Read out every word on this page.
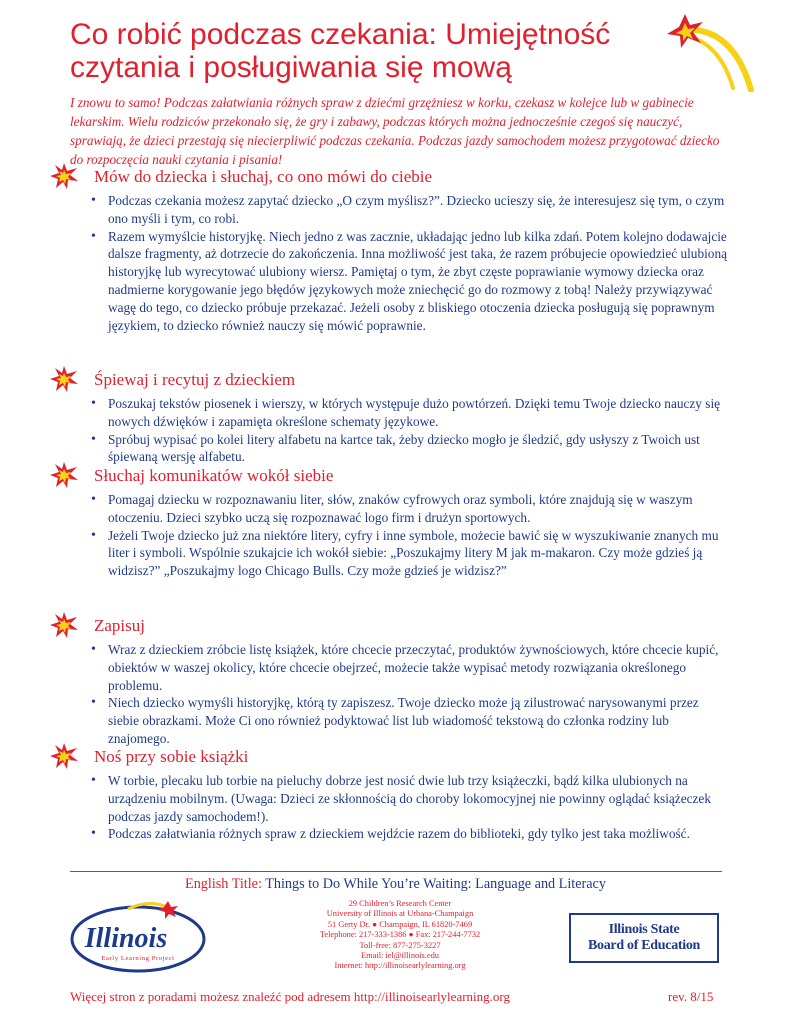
Co robić podczas czekania: Umiejętność
czytania i posługiwania się mową

I znowu to samo! Podczas załatwiania różnych spraw z dziećmi grzężniesz w korku, czekasz w kolejce lub w gabinecie lekarskim. Wielu rodziców przekonało się, że gry i zabawy, podczas których można jednocześnie czegoś się nauczyć, sprawiają, że dzieci przestają się niecierpliwić podczas czekania. Podczas jazdy samochodem możesz przygotować dziecko do rozpoczęcia nauki czytania i pisania!

Mów do dziecka i słuchaj, co ono mówi do ciebie
• Podczas czekania możesz zapytać dziecko „O czym myślisz?”. Dziecko ucieszy się, że interesujesz się tym, o czym ono myśli i tym, co robi.
• Razem wymyślcie historyjkę. Niech jedno z was zacznie, układając jedno lub kilka zdań. Potem kolejno dodawajcie dalsze fragmenty, aż dotrzecie do zakończenia. Inna możliwość jest taka, że razem próbujecie opowiedzieć ulubioną historyjkę lub wyrecytować ulubiony wiersz. Pamiętaj o tym, że zbyt częste poprawianie wymowy dziecka oraz nadmierne korygowanie jego błędów językowych może zniechęcić go do rozmowy z tobą! Należy przywiązywać wagę do tego, co dziecko próbuje przekazać. Jeżeli osoby z bliskiego otoczenia dziecka posługują się poprawnym językiem, to dziecko również nauczy się mówić poprawnie.
Śpiewaj i recytuj z dzieckiem
• Poszukaj tekstów piosenek i wierszy, w których występuje dużo powtórzeń. Dzięki temu Twoje dziecko nauczy się nowych dźwięków i zapamięta określone schematy językowe.
• Spróbuj wypisać po kolei litery alfabetu na kartce tak, żeby dziecko mogło je śledzić, gdy usłyszy z Twoich ust śpiewaną wersję alfabetu.
Słuchaj komunikatów wokół siebie
• Pomagaj dziecku w rozpoznawaniu liter, słów, znaków cyfrowych oraz symboli, które znajdują się w waszym otoczeniu. Dzieci szybko uczą się rozpoznawać logo firm i drużyn sportowych.
• Jeżeli Twoje dziecko już zna niektóre litery, cyfry i inne symbole, możecie bawić się w wyszukiwanie znanych mu liter i symboli. Wspólnie szukajcie ich wokół siebie: „Poszukajmy litery M jak m-makaron. Czy może gdzieś ją widzisz?” „Poszukajmy logo Chicago Bulls. Czy może gdzieś je widzisz?”
Zapisuj
• Wraz z dzieckiem zróbcie listę książek, które chcecie przeczytać, produktów żywnościowych, które chcecie kupić, obiektów w waszej okolicy, które chcecie obejrzeć, możecie także wypisać metody rozwiązania określonego problemu.
• Niech dziecko wymyśli historyjkę, którą ty zapiszesz. Twoje dziecko może ją zilustrować narysowanymi przez siebie obrazkami. Może Ci ono również podyktować list lub wiadomość tekstową do członka rodziny lub znajomego.
Noś przy sobie książki
• W torbie, plecaku lub torbie na pieluchy dobrze jest nosić dwie lub trzy książeczki, bądź kilka ulubionych na urządzeniu mobilnym. (Uwaga: Dzieci ze skłonnością do choroby lokomocyjnej nie powinny oglądać książeczek podczas jazdy samochodem!).
• Podczas załatwiania różnych spraw z dzieckiem wejdźcie razem do biblioteki, gdy tylko jest taka możliwość.
English Title: Things to Do While You’re Waiting: Language and Literacy
Illinois
Early Learning Project
29 Children’s Research Center
University of Illinois at Urbana-Champaign
51 Gerty Dr. ● Champaign, IL 61820-7469
Telephone: 217-333-1386 ● Fax: 217-244-7732
Toll-free: 877-275-3227
Email: iel@illinois.edu
Internet: http://illinoisearlylearning.org
Illinois State
Board of Education
Więcej stron z poradami możesz znaleźć pod adresem http://illinoisearlylearning.org	rev. 8/15
